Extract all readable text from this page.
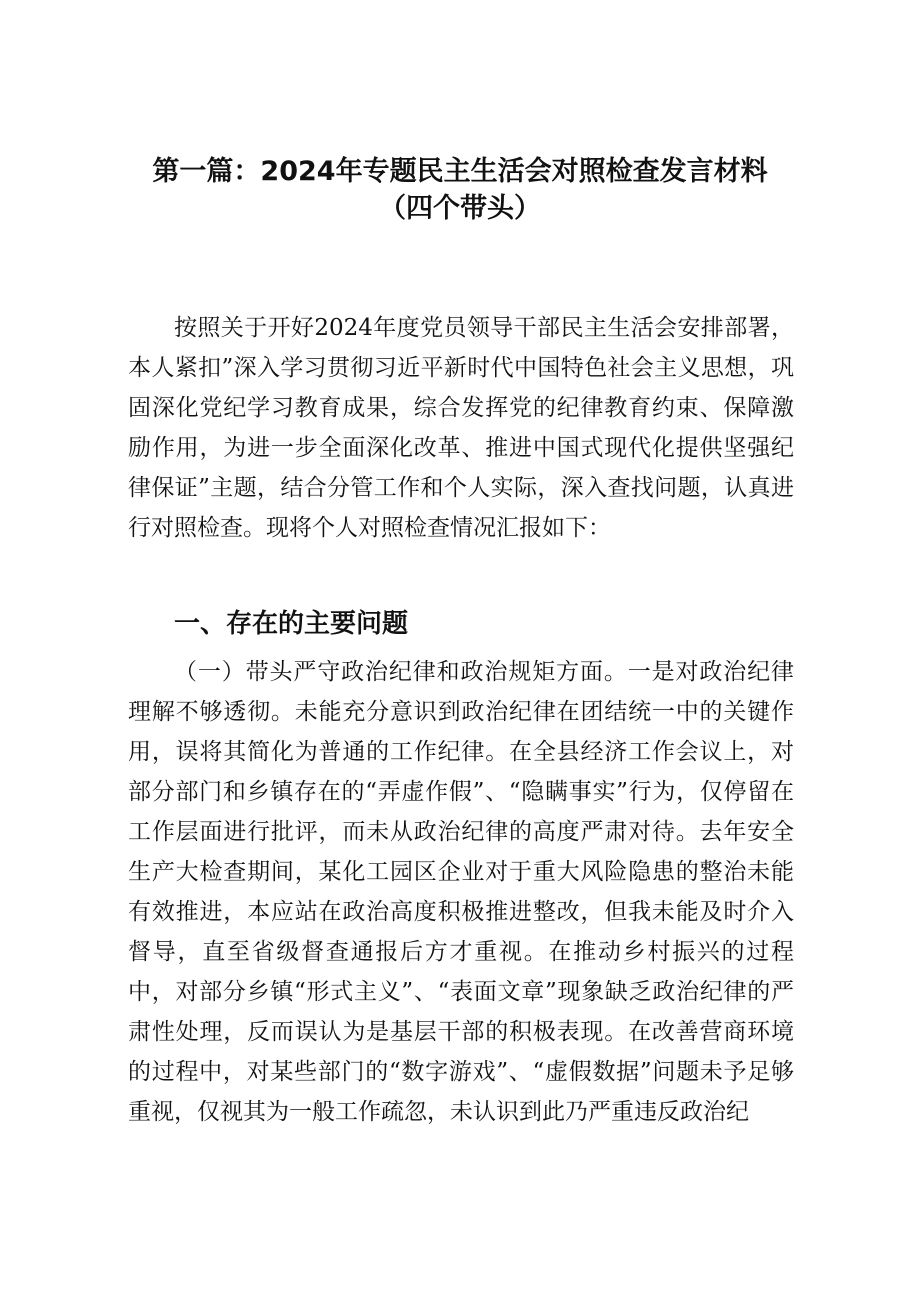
第一篇：2024年专题民主生活会对照检查发言材料
（四个带头）

按照关于开好2024年度党员领导干部民主生活会安排部署，本人紧扣”深入学习贯彻习近平新时代中国特色社会主义思想，巩固深化党纪学习教育成果，综合发挥党的纪律教育约束、保障激励作用，为进一步全面深化改革、推进中国式现代化提供坚强纪律保证”主题，结合分管工作和个人实际，深入查找问题，认真进行对照检查。现将个人对照检查情况汇报如下：

一、存在的主要问题

（一）带头严守政治纪律和政治规矩方面。一是对政治纪律理解不够透彻。未能充分意识到政治纪律在团结统一中的关键作用，误将其简化为普通的工作纪律。在全县经济工作会议上，对部分部门和乡镇存在的“弄虚作假”、“隐瞒事实”行为，仅停留在工作层面进行批评，而未从政治纪律的高度严肃对待。去年安全生产大检查期间，某化工园区企业对于重大风险隐患的整治未能有效推进，本应站在政治高度积极推进整改，但我未能及时介入督导，直至省级督查通报后方才重视。在推动乡村振兴的过程中，对部分乡镇“形式主义”、“表面文章”现象缺乏政治纪律的严肃性处理，反而误认为是基层干部的积极表现。在改善营商环境的过程中，对某些部门的“数字游戏”、“虚假数据”问题未予足够重视，仅视其为一般工作疏忽，未认识到此乃严重违反政治纪
